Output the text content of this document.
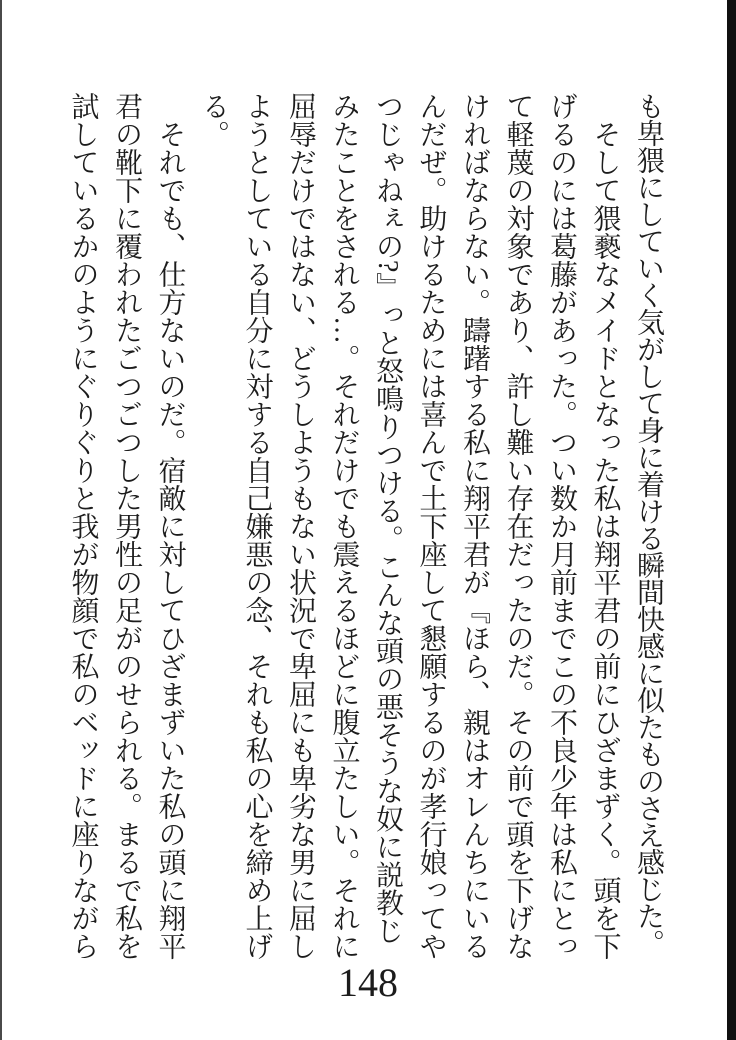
も卑猥にしていく気がして身に着ける瞬間快感に似たものさえ感じた。

そして猥褻なメイドとなった私は翔平君の前にひざまずく。頭を下げるのには葛藤があった。つい数か月前までこの不良少年は私にとって軽蔑の対象であり、許し難い存在だったのだ。その前で頭を下げなければならない。躊躇する私に翔平君が『ほら、親はオレんちにいるんだぜ。助けるためには喜んで土下座して懇願するのが孝行娘ってやつじゃねぇの?』っと怒鳴りつける。こんな頭の悪そうな奴に説教じみたことをされる…。それだけでも震えるほどに腹立たしい。それに屈辱だけではない、どうしようもない状況で卑屈にも卑劣な男に屈しようとしている自分に対する自己嫌悪の念、それも私の心を締め上げる。

それでも、仕方ないのだ。宿敵に対してひざまずいた私の頭に翔平君の靴下に覆われたごつごつした男性の足がのせられる。まるで私を試しているかのようにぐりぐりと我が物顔で私のベッドに座りながら

148
